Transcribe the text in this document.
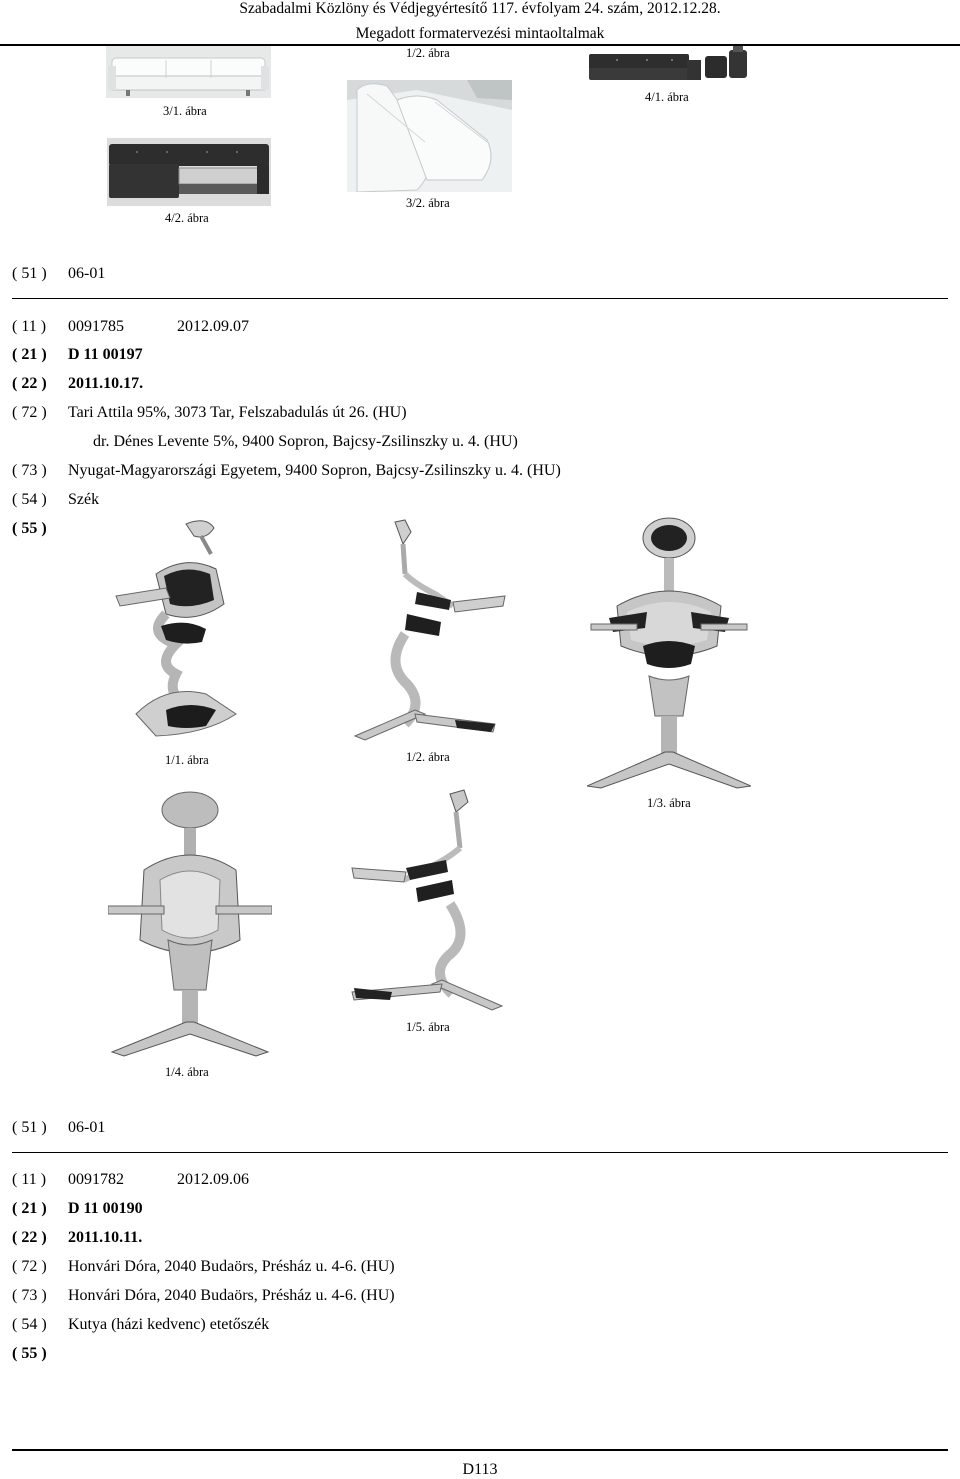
Szabadalmi Közlöny és Védjegyértesítő 117. évfolyam 24. szám, 2012.12.28.
Megadott formatervezési mintaoltalmak
1/2. ábra
3/1. ábra
4/1. ábra
3/2. ábra
4/2. ábra
( 51 ) 06-01
( 11 ) 0091785	2012.09.07
( 21 ) D 11 00197
( 22 ) 2011.10.17.
( 72 ) Tari Attila 95%, 3073 Tar, Felszabadulás út 26. (HU)
dr. Dénes Levente 5%, 9400 Sopron, Bajcsy-Zsilinszky u. 4. (HU)
( 73 ) Nyugat-Magyarországi Egyetem, 9400 Sopron, Bajcsy-Zsilinszky u. 4. (HU)
( 54 ) Szék
( 55 )
1/1. ábra	1/2. ábra
1/3. ábra
1/5. ábra
1/4. ábra
( 51 ) 06-01
( 11 ) 0091782	2012.09.06
( 21 ) D 11 00190
( 22 ) 2011.10.11.
( 72 ) Honvári Dóra, 2040 Budaörs, Présház u. 4-6. (HU)
( 73 ) Honvári Dóra, 2040 Budaörs, Présház u. 4-6. (HU)
( 54 ) Kutya (házi kedvenc) etetőszék
( 55 )
D113
